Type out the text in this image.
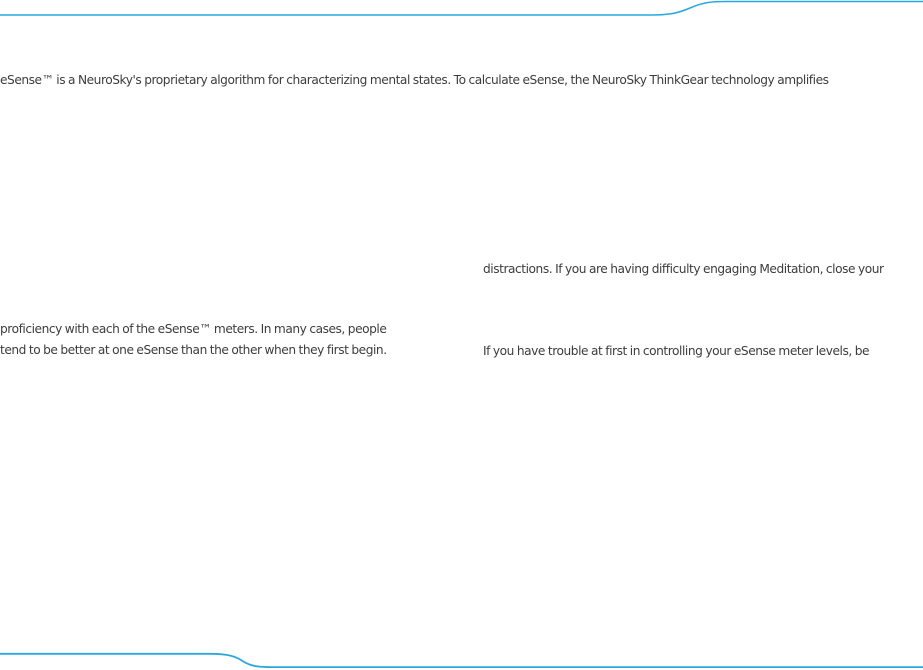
eSense™ is a NeuroSky's proprietary algorithm for characterizing mental states. To calculate eSense, the NeuroSky ThinkGear technology amplifies
distractions. If you are having difficulty engaging Meditation, close your
proficiency with each of the eSense™ meters. In many cases, people
tend to be better at one eSense than the other when they first begin.	If you have trouble at first in controlling your eSense meter levels, be
